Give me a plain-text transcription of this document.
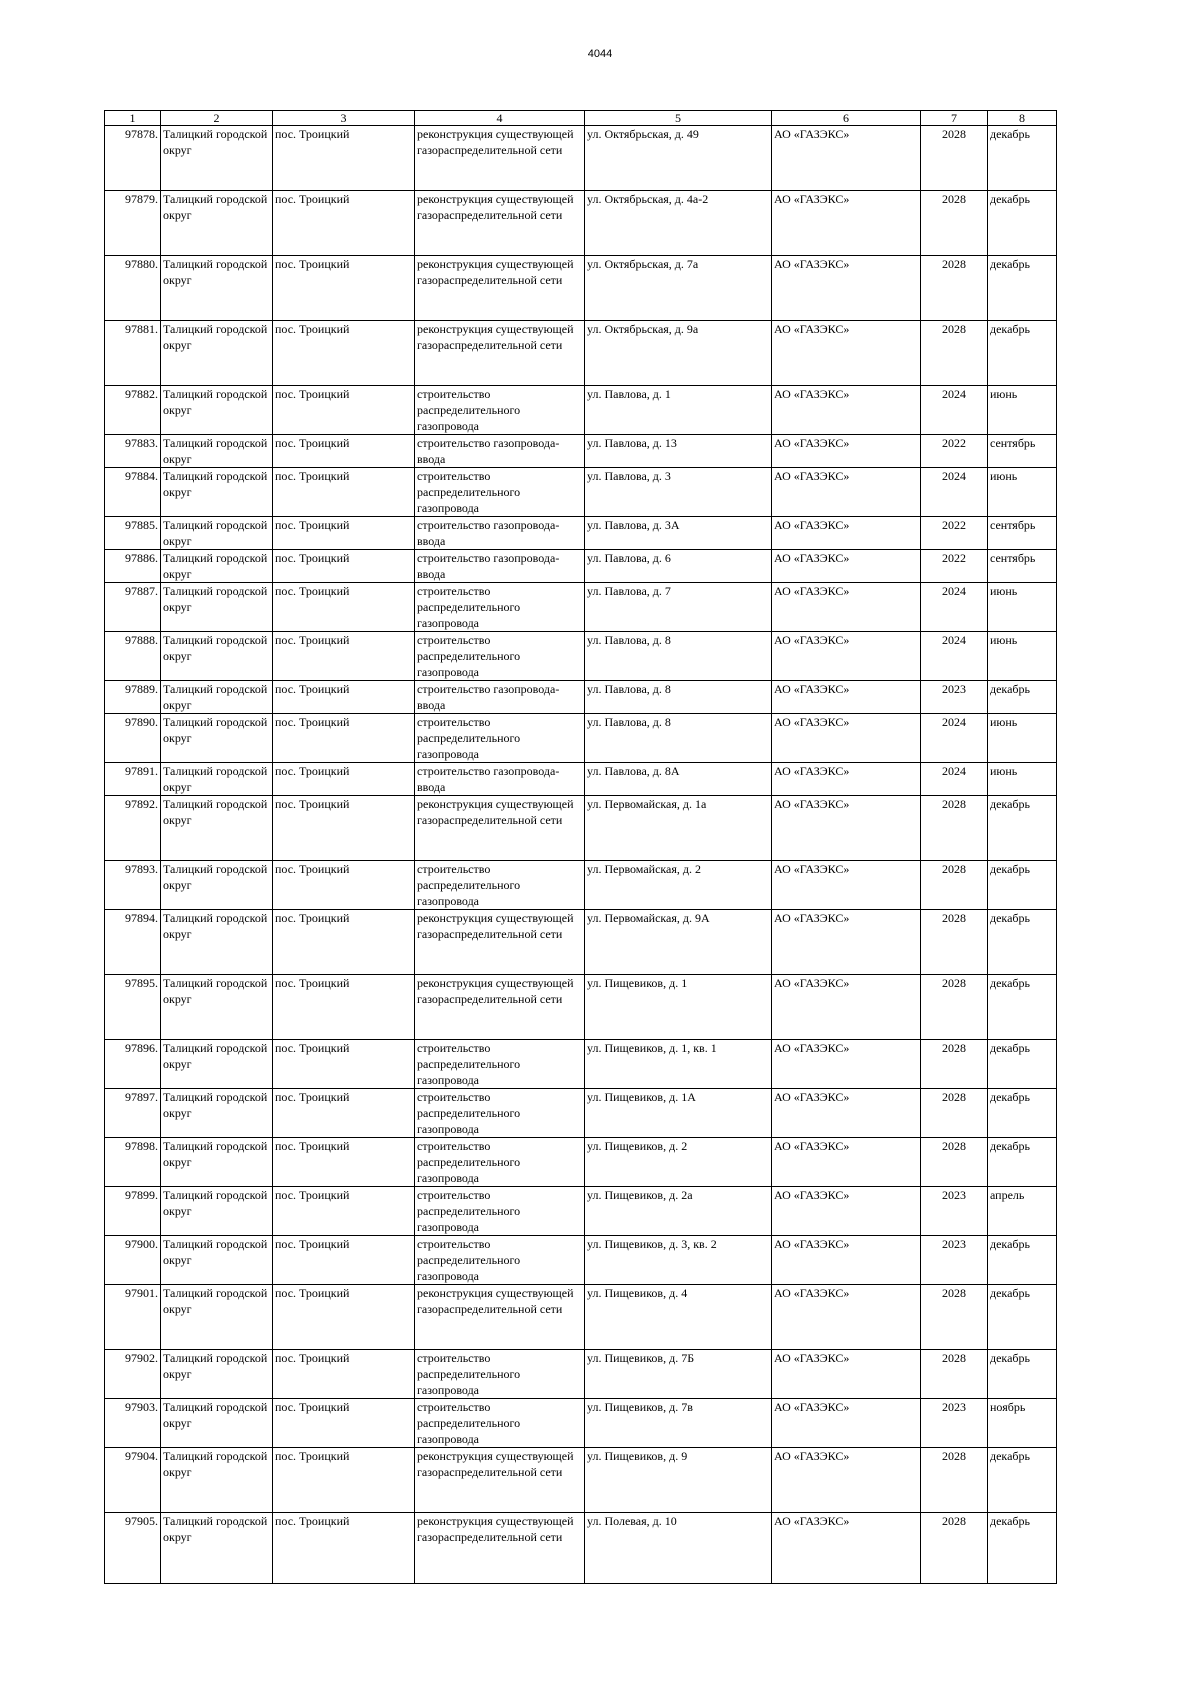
4044
1	2	3	4	5	6	7	8
97878.	Талицкий городской округ	пос. Троицкий	реконструкция существующей газораспределительной сети	ул. Октябрьская, д. 49	АО «ГАЗЭКС»	2028	декабрь
97879.	Талицкий городской округ	пос. Троицкий	реконструкция существующей газораспределительной сети	ул. Октябрьская, д. 4а-2	АО «ГАЗЭКС»	2028	декабрь
97880.	Талицкий городской округ	пос. Троицкий	реконструкция существующей газораспределительной сети	ул. Октябрьская, д. 7а	АО «ГАЗЭКС»	2028	декабрь
97881.	Талицкий городской округ	пос. Троицкий	реконструкция существующей газораспределительной сети	ул. Октябрьская, д. 9а	АО «ГАЗЭКС»	2028	декабрь
97882.	Талицкий городской округ	пос. Троицкий	строительство распределительного газопровода	ул. Павлова, д. 1	АО «ГАЗЭКС»	2024	июнь
97883.	Талицкий городской округ	пос. Троицкий	строительство газопровода-ввода	ул. Павлова, д. 13	АО «ГАЗЭКС»	2022	сентябрь
97884.	Талицкий городской округ	пос. Троицкий	строительство распределительного газопровода	ул. Павлова, д. 3	АО «ГАЗЭКС»	2024	июнь
97885.	Талицкий городской округ	пос. Троицкий	строительство газопровода-ввода	ул. Павлова, д. 3А	АО «ГАЗЭКС»	2022	сентябрь
97886.	Талицкий городской округ	пос. Троицкий	строительство газопровода-ввода	ул. Павлова, д. 6	АО «ГАЗЭКС»	2022	сентябрь
97887.	Талицкий городской округ	пос. Троицкий	строительство распределительного газопровода	ул. Павлова, д. 7	АО «ГАЗЭКС»	2024	июнь
97888.	Талицкий городской округ	пос. Троицкий	строительство распределительного газопровода	ул. Павлова, д. 8	АО «ГАЗЭКС»	2024	июнь
97889.	Талицкий городской округ	пос. Троицкий	строительство газопровода-ввода	ул. Павлова, д. 8	АО «ГАЗЭКС»	2023	декабрь
97890.	Талицкий городской округ	пос. Троицкий	строительство распределительного газопровода	ул. Павлова, д. 8	АО «ГАЗЭКС»	2024	июнь
97891.	Талицкий городской округ	пос. Троицкий	строительство газопровода-ввода	ул. Павлова, д. 8А	АО «ГАЗЭКС»	2024	июнь
97892.	Талицкий городской округ	пос. Троицкий	реконструкция существующей газораспределительной сети	ул. Первомайская, д. 1а	АО «ГАЗЭКС»	2028	декабрь
97893.	Талицкий городской округ	пос. Троицкий	строительство распределительного газопровода	ул. Первомайская, д. 2	АО «ГАЗЭКС»	2028	декабрь
97894.	Талицкий городской округ	пос. Троицкий	реконструкция существующей газораспределительной сети	ул. Первомайская, д. 9А	АО «ГАЗЭКС»	2028	декабрь
97895.	Талицкий городской округ	пос. Троицкий	реконструкция существующей газораспределительной сети	ул. Пищевиков, д. 1	АО «ГАЗЭКС»	2028	декабрь
97896.	Талицкий городской округ	пос. Троицкий	строительство распределительного газопровода	ул. Пищевиков, д. 1, кв. 1	АО «ГАЗЭКС»	2028	декабрь
97897.	Талицкий городской округ	пос. Троицкий	строительство распределительного газопровода	ул. Пищевиков, д. 1А	АО «ГАЗЭКС»	2028	декабрь
97898.	Талицкий городской округ	пос. Троицкий	строительство распределительного газопровода	ул. Пищевиков, д. 2	АО «ГАЗЭКС»	2028	декабрь
97899.	Талицкий городской округ	пос. Троицкий	строительство распределительного газопровода	ул. Пищевиков, д. 2а	АО «ГАЗЭКС»	2023	апрель
97900.	Талицкий городской округ	пос. Троицкий	строительство распределительного газопровода	ул. Пищевиков, д. 3, кв. 2	АО «ГАЗЭКС»	2023	декабрь
97901.	Талицкий городской округ	пос. Троицкий	реконструкция существующей газораспределительной сети	ул. Пищевиков, д. 4	АО «ГАЗЭКС»	2028	декабрь
97902.	Талицкий городской округ	пос. Троицкий	строительство распределительного газопровода	ул. Пищевиков, д. 7Б	АО «ГАЗЭКС»	2028	декабрь
97903.	Талицкий городской округ	пос. Троицкий	строительство распределительного газопровода	ул. Пищевиков, д. 7в	АО «ГАЗЭКС»	2023	ноябрь
97904.	Талицкий городской округ	пос. Троицкий	реконструкция существующей газораспределительной сети	ул. Пищевиков, д. 9	АО «ГАЗЭКС»	2028	декабрь
97905.	Талицкий городской округ	пос. Троицкий	реконструкция существующей газораспределительной сети	ул. Полевая, д. 10	АО «ГАЗЭКС»	2028	декабрь
